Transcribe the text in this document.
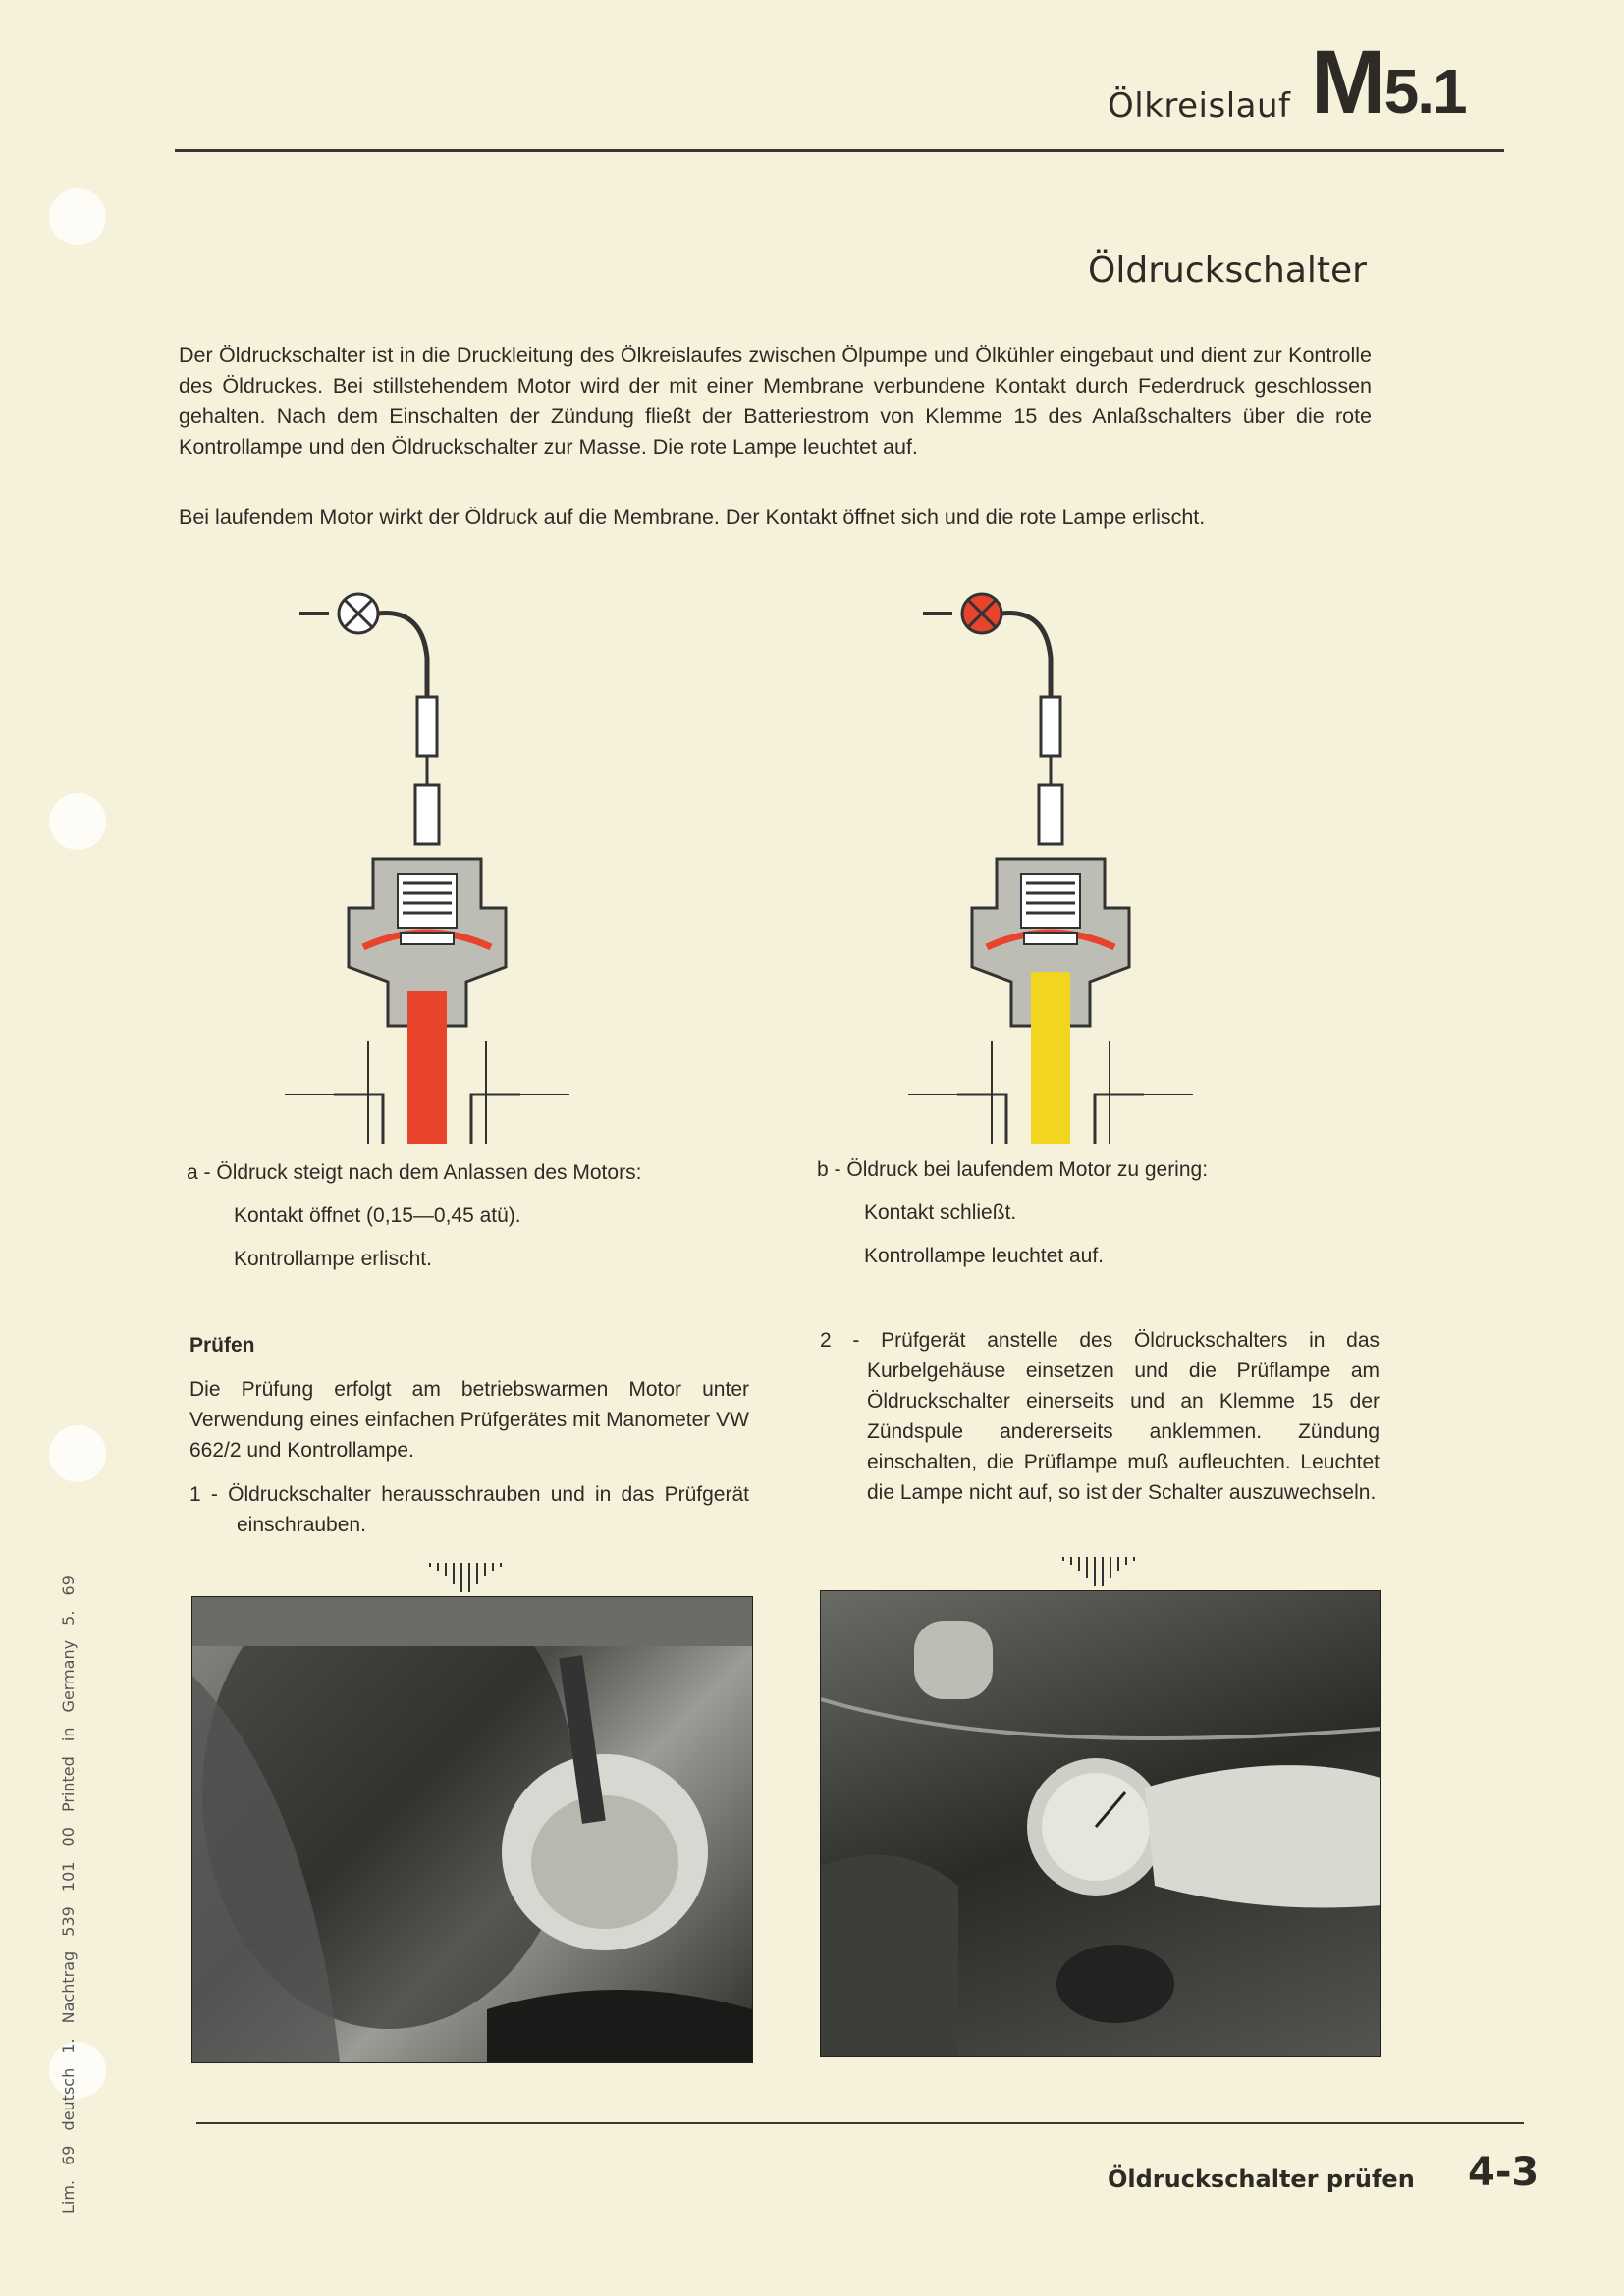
Ölkreislauf M5.1
Öldruckschalter
Der Öldruckschalter ist in die Druckleitung des Ölkreislaufes zwischen Ölpumpe und Ölkühler eingebaut und dient zur Kontrolle des Öldruckes. Bei stillstehendem Motor wird der mit einer Membrane verbundene Kontakt durch Federdruck geschlossen gehalten. Nach dem Einschalten der Zündung fließt der Batteriestrom von Klemme 15 des Anlaßschalters über die rote Kontrollampe und den Öldruckschalter zur Masse. Die rote Lampe leuchtet auf.
Bei laufendem Motor wirkt der Öldruck auf die Membrane. Der Kontakt öffnet sich und die rote Lampe erlischt.
a - Öldruck steigt nach dem Anlassen des Motors:
Kontakt öffnet (0,15—0,45 atü).
Kontrollampe erlischt.
b - Öldruck bei laufendem Motor zu gering:
Kontakt schließt.
Kontrollampe leuchtet auf.
Prüfen
Die Prüfung erfolgt am betriebswarmen Motor unter Verwendung eines einfachen Prüfgerätes mit Manometer VW 662/2 und Kontrollampe.
1 - Öldruckschalter herausschrauben und in das Prüfgerät einschrauben.
2 - Prüfgerät anstelle des Öldruckschalters in das Kurbelgehäuse einsetzen und die Prüflampe am Öldruckschalter einerseits und an Klemme 15 der Zündspule andererseits anklemmen. Zündung einschalten, die Prüflampe muß aufleuchten. Leuchtet die Lampe nicht auf, so ist der Schalter auszuwechseln.
Öldruckschalter prüfen 4-3
Lim. 69 deutsch 1. Nachtrag 539 101 00 Printed in Germany 5. 69
